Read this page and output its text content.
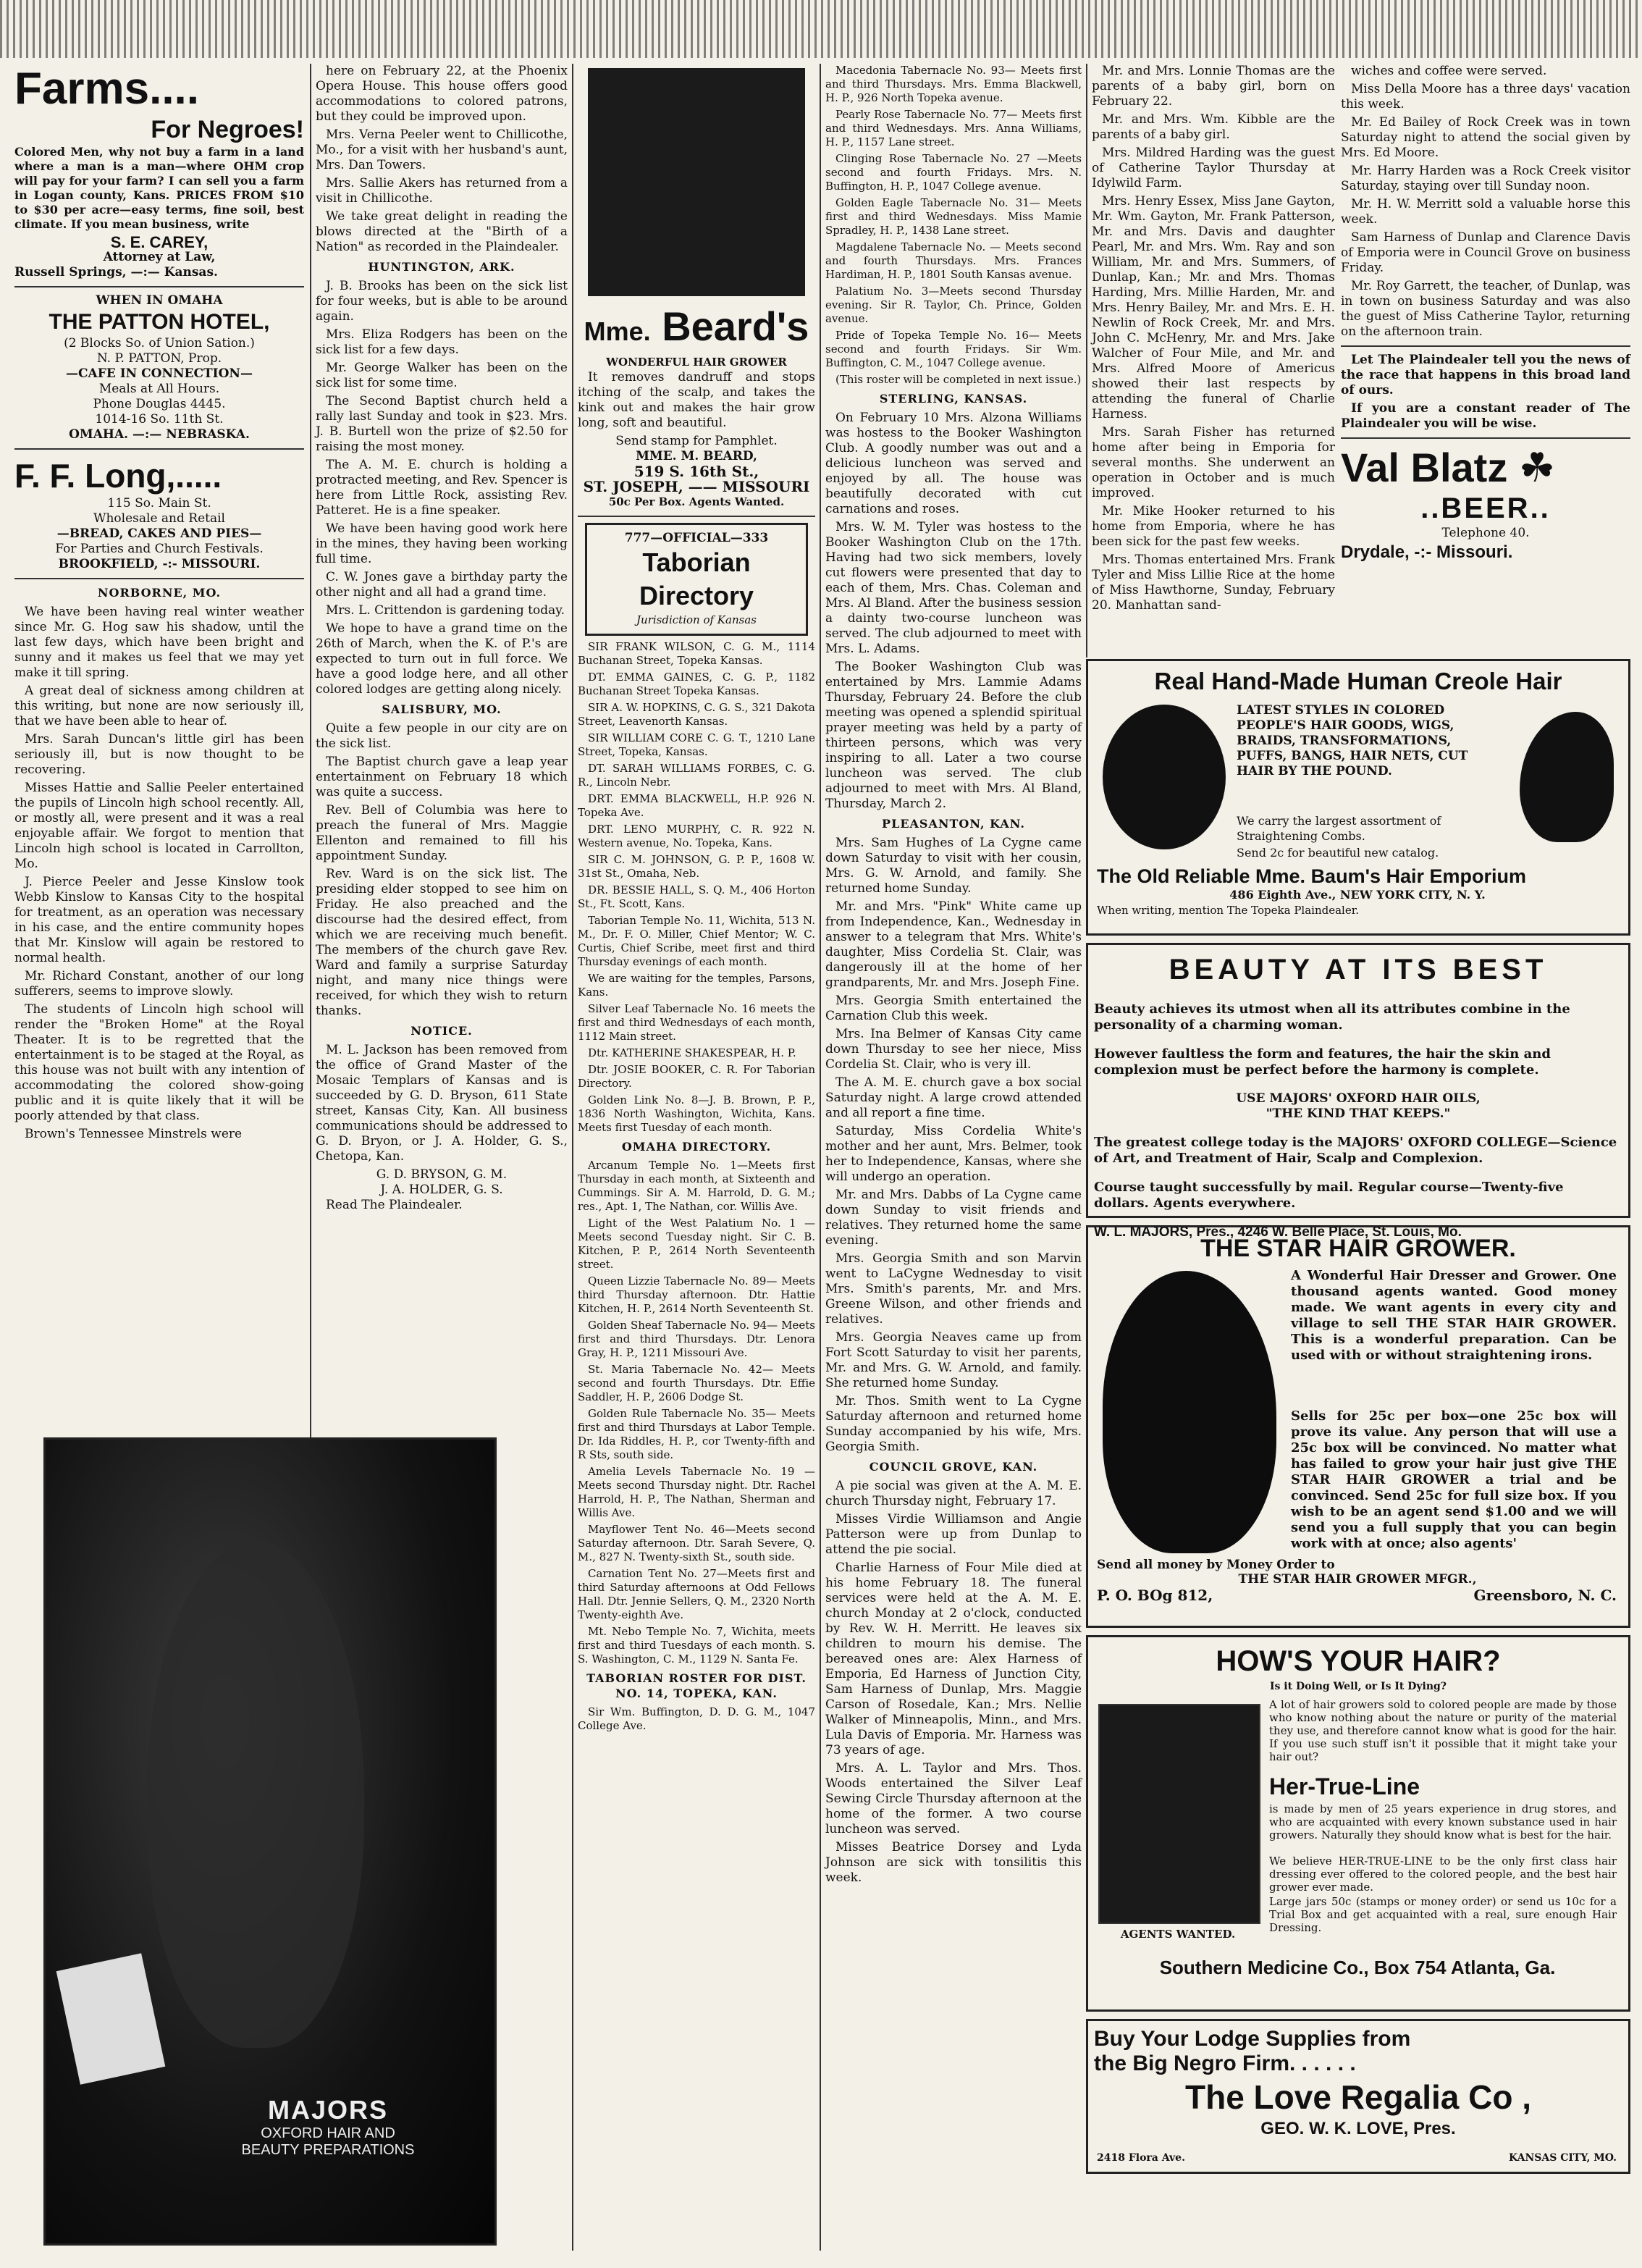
Farms....
For Negroes!

Colored Men, why not buy a farm in a land where a man is a man—where OHM crop will pay for your farm? I can sell you a farm in Logan county, Kans. PRICES FROM $10 to $30 per acre—easy terms, fine soil, best climate. If you mean business, write

S. E. CAREY,
Attorney at Law,
Russell Springs, —:— Kansas.
WHEN IN OMAHA
THE PATTON HOTEL,
(2 Blocks So. of Union Sation.)
N. P. PATTON, Prop.
—CAFE IN CONNECTION—
Meals at All Hours.
Phone Douglas 4445.
1014-16 So. 11th St.
OMAHA. —:— NEBRASKA.
F. F. Long,.....
115 So. Main St.
Wholesale and Retail
—BREAD, CAKES AND PIES—
For Parties and Church Festivals.
BROOKFIELD, -:- MISSOURI.
NORBORNE, MO.

We have been having real winter weather since Mr. G. Hog saw his shadow, until the last few days, which have been bright and sunny and it makes us feel that we may yet make it till spring.

A great deal of sickness among children at this writing, but none are now seriously ill, that we have been able to hear of.

Mrs. Sarah Duncan's little girl has been seriously ill, but is now thought to be recovering.

Misses Hattie and Sallie Peeler entertained the pupils of Lincoln high school recently. All, or mostly all, were present and it was a real enjoyable affair. We forgot to mention that Lincoln high school is located in Carrollton, Mo.

J. Pierce Peeler and Jesse Kinslow took Webb Kinslow to Kansas City to the hospital for treatment, as an operation was necessary in his case, and the entire community hopes that Mr. Kinslow will again be restored to normal health.

Mr. Richard Constant, another of our long sufferers, seems to improve slowly.

The students of Lincoln high school will render the "Broken Home" at the Royal Theater. It is to be regretted that the entertainment is to be staged at the Royal, as this house was not built with any intention of accommodating the colored show-going public and it is quite likely that it will be poorly attended by that class.

Brown's Tennessee Minstrels were

MAJORS
OXFORD HAIR AND
BEAUTY PREPARATIONS

here on February 22, at the Phoenix Opera House. This house offers good accommodations to colored patrons, but they could be improved upon.

Mrs. Verna Peeler went to Chillicothe, Mo., for a visit with her husband's aunt, Mrs. Dan Towers.

Mrs. Sallie Akers has returned from a visit in Chillicothe.

We take great delight in reading the blows directed at the "Birth of a Nation" as recorded in the Plaindealer.

HUNTINGTON, ARK.

J. B. Brooks has been on the sick list for four weeks, but is able to be around again.

Mrs. Eliza Rodgers has been on the sick list for a few days.

Mr. George Walker has been on the sick list for some time.

The Second Baptist church held a rally last Sunday and took in $23. Mrs. J. B. Burtell won the prize of $2.50 for raising the most money.

The A. M. E. church is holding a protracted meeting, and Rev. Spencer is here from Little Rock, assisting Rev. Patteret. He is a fine speaker.

We have been having good work here in the mines, they having been working full time.

C. W. Jones gave a birthday party the other night and all had a grand time.

Mrs. L. Crittendon is gardening today.

We hope to have a grand time on the 26th of March, when the K. of P.'s are expected to turn out in full force. We have a good lodge here, and all other colored lodges are getting along nicely.

SALISBURY, MO.

Quite a few people in our city are on the sick list.

The Baptist church gave a leap year entertainment on February 18 which was quite a success.

Rev. Bell of Columbia was here to preach the funeral of Mrs. Maggie Ellenton and remained to fill his appointment Sunday.

Rev. Ward is on the sick list. The presiding elder stopped to see him on Friday. He also preached and the discourse had the desired effect, from which we are receiving much benefit. The members of the church gave Rev. Ward and family a surprise Saturday night, and many nice things were received, for which they wish to return thanks.

NOTICE.

M. L. Jackson has been removed from the office of Grand Master of the Mosaic Templars of Kansas and is succeeded by G. D. Bryson, 611 State street, Kansas City, Kan. All business communications should be addressed to G. D. Bryon, or J. A. Holder, G. S., Chetopa, Kan.

G. D. BRYSON, G. M.
J. A. HOLDER, G. S.

Read The Plaindealer.

Mme. Beard's
WONDERFUL HAIR GROWER

It removes dandruff and stops itching of the scalp, and takes the kink out and makes the hair grow long, soft and beautiful.

Send stamp for Pamphlet.
MME. M. BEARD,
519 S. 16th St.,
ST. JOSEPH, —— MISSOURI
50c Per Box. Agents Wanted.
777—OFFICIAL—333
Taborian Directory
Jurisdiction of Kansas

SIR FRANK WILSON, C. G. M., 1114 Buchanan Street, Topeka Kansas.

DT. EMMA GAINES, C. G. P., 1182 Buchanan Street Topeka Kansas.

SIR A. W. HOPKINS, C. G. S., 321 Dakota Street, Leavenorth Kansas.

SIR WILLIAM CORE C. G. T., 1210 Lane Street, Topeka, Kansas.

DT. SARAH WILLIAMS FORBES, C. G. R., Lincoln Nebr.

DRT. EMMA BLACKWELL, H.P. 926 N. Topeka Ave.

DRT. LENO MURPHY, C. R. 922 N. Western avenue, No. Topeka, Kans.

SIR C. M. JOHNSON, G. P. P., 1608 W. 31st St., Omaha, Neb.

DR. BESSIE HALL, S. Q. M., 406 Horton St., Ft. Scott, Kans.

Taborian Temple No. 11, Wichita, 513 N. M., Dr. F. O. Miller, Chief Mentor; W. C. Curtis, Chief Scribe, meet first and third Thursday evenings of each month.

We are waiting for the temples, Parsons, Kans.

Silver Leaf Tabernacle No. 16 meets the first and third Wednesdays of each month, 1112 Main street.

Dtr. KATHERINE SHAKESPEAR, H. P.

Dtr. JOSIE BOOKER, C. R. For Taborian Directory.

Golden Link No. 8—J. B. Brown, P. P., 1836 North Washington, Wichita, Kans. Meets first Tuesday of each month.

OMAHA DIRECTORY.

Arcanum Temple No. 1—Meets first Thursday in each month, at Sixteenth and Cummings. Sir A. M. Harrold, D. G. M.; res., Apt. 1, The Nathan, cor. Willis Ave.

Light of the West Palatium No. 1 —Meets second Tuesday night. Sir C. B. Kitchen, P. P., 2614 North Seventeenth street.

Queen Lizzie Tabernacle No. 89— Meets third Thursday afternoon. Dtr. Hattie Kitchen, H. P., 2614 North Seventeenth St.

Golden Sheaf Tabernacle No. 94— Meets first and third Thursdays. Dtr. Lenora Gray, H. P., 1211 Missouri Ave.

St. Maria Tabernacle No. 42— Meets second and fourth Thursdays. Dtr. Effie Saddler, H. P., 2606 Dodge St.

Golden Rule Tabernacle No. 35— Meets first and third Thursdays at Labor Temple. Dr. Ida Riddles, H. P., cor Twenty-fifth and R Sts, south side.

Amelia Levels Tabernacle No. 19 —Meets second Thursday night. Dtr. Rachel Harrold, H. P., The Nathan, Sherman and Willis Ave.

Mayflower Tent No. 46—Meets second Saturday afternoon. Dtr. Sarah Severe, Q. M., 827 N. Twenty-sixth St., south side.

Carnation Tent No. 27—Meets first and third Saturday afternoons at Odd Fellows Hall. Dtr. Jennie Sellers, Q. M., 2320 North Twenty-eighth Ave.

Mt. Nebo Temple No. 7, Wichita, meets first and third Tuesdays of each month. S. S. Washington, C. M., 1129 N. Santa Fe.

TABORIAN ROSTER FOR DIST. NO. 14, TOPEKA, KAN.

Sir Wm. Buffington, D. D. G. M., 1047 College Ave.

Macedonia Tabernacle No. 93— Meets first and third Thursdays. Mrs. Emma Blackwell, H. P., 926 North Topeka avenue.

Pearly Rose Tabernacle No. 77— Meets first and third Wednesdays. Mrs. Anna Williams, H. P., 1157 Lane street.

Clinging Rose Tabernacle No. 27 —Meets second and fourth Fridays. Mrs. N. Buffington, H. P., 1047 College avenue.

Golden Eagle Tabernacle No. 31— Meets first and third Wednesdays. Miss Mamie Spradley, H. P., 1438 Lane street.

Magdalene Tabernacle No. — Meets second and fourth Thursdays. Mrs. Frances Hardiman, H. P., 1801 South Kansas avenue.

Palatium No. 3—Meets second Thursday evening. Sir R. Taylor, Ch. Prince, Golden avenue.

Pride of Topeka Temple No. 16— Meets second and fourth Fridays. Sir Wm. Buffington, C. M., 1047 College avenue.

(This roster will be completed in next issue.)

STERLING, KANSAS.

On February 10 Mrs. Alzona Williams was hostess to the Booker Washington Club. A goodly number was out and a delicious luncheon was served and enjoyed by all. The house was beautifully decorated with cut carnations and roses.

Mrs. W. M. Tyler was hostess to the Booker Washington Club on the 17th. Having had two sick members, lovely cut flowers were presented that day to each of them, Mrs. Chas. Coleman and Mrs. Al Bland. After the business session a dainty two-course luncheon was served. The club adjourned to meet with Mrs. L. Adams.

The Booker Washington Club was entertained by Mrs. Lammie Adams Thursday, February 24. Before the club meeting was opened a splendid spiritual prayer meeting was held by a party of thirteen persons, which was very inspiring to all. Later a two course luncheon was served. The club adjourned to meet with Mrs. Al Bland, Thursday, March 2.

PLEASANTON, KAN.

Mrs. Sam Hughes of La Cygne came down Saturday to visit with her cousin, Mrs. G. W. Arnold, and family. She returned home Sunday.

Mr. and Mrs. "Pink" White came up from Independence, Kan., Wednesday in answer to a telegram that Mrs. White's daughter, Miss Cordelia St. Clair, was dangerously ill at the home of her grandparents, Mr. and Mrs. Joseph Fine.

Mrs. Georgia Smith entertained the Carnation Club this week.

Mrs. Ina Belmer of Kansas City came down Thursday to see her niece, Miss Cordelia St. Clair, who is very ill.

The A. M. E. church gave a box social Saturday night. A large crowd attended and all report a fine time.

Saturday, Miss Cordelia White's mother and her aunt, Mrs. Belmer, took her to Independence, Kansas, where she will undergo an operation.

Mr. and Mrs. Dabbs of La Cygne came down Sunday to visit friends and relatives. They returned home the same evening.

Mrs. Georgia Smith and son Marvin went to LaCygne Wednesday to visit Mrs. Smith's parents, Mr. and Mrs. Greene Wilson, and other friends and relatives.

Mrs. Georgia Neaves came up from Fort Scott Saturday to visit her parents, Mr. and Mrs. G. W. Arnold, and family. She returned home Sunday.

Mr. Thos. Smith went to La Cygne Saturday afternoon and returned home Sunday accompanied by his wife, Mrs. Georgia Smith.

COUNCIL GROVE, KAN.

A pie social was given at the A. M. E. church Thursday night, February 17.

Misses Virdie Williamson and Angie Patterson were up from Dunlap to attend the pie social.

Charlie Harness of Four Mile died at his home February 18. The funeral services were held at the A. M. E. church Monday at 2 o'clock, conducted by Rev. W. H. Merritt. He leaves six children to mourn his demise. The bereaved ones are: Alex Harness of Emporia, Ed Harness of Junction City, Sam Harness of Dunlap, Mrs. Maggie Carson of Rosedale, Kan.; Mrs. Nellie Walker of Minneapolis, Minn., and Mrs. Lula Davis of Emporia. Mr. Harness was 73 years of age.

Mrs. A. L. Taylor and Mrs. Thos. Woods entertained the Silver Leaf Sewing Circle Thursday afternoon at the home of the former. A two course luncheon was served.

Misses Beatrice Dorsey and Lyda Johnson are sick with tonsilitis this week.

Mr. and Mrs. Lonnie Thomas are the parents of a baby girl, born on February 22.

Mr. and Mrs. Wm. Kibble are the parents of a baby girl.

Mrs. Mildred Harding was the guest of Catherine Taylor Thursday at Idylwild Farm.

Mrs. Henry Essex, Miss Jane Gayton, Mr. Wm. Gayton, Mr. Frank Patterson, Mr. and Mrs. Davis and daughter Pearl, Mr. and Mrs. Wm. Ray and son William, Mr. and Mrs. Summers, of Dunlap, Kan.; Mr. and Mrs. Thomas Harding, Mrs. Millie Harden, Mr. and Mrs. Henry Bailey, Mr. and Mrs. E. H. Newlin of Rock Creek, Mr. and Mrs. John C. McHenry, Mr. and Mrs. Jake Walcher of Four Mile, and Mr. and Mrs. Alfred Moore of Americus showed their last respects by attending the funeral of Charlie Harness.

Mrs. Sarah Fisher has returned home after being in Emporia for several months. She underwent an operation in October and is much improved.

Mr. Mike Hooker returned to his home from Emporia, where he has been sick for the past few weeks.

Mrs. Thomas entertained Mrs. Frank Tyler and Miss Lillie Rice at the home of Miss Hawthorne, Sunday, February 20. Manhattan sand-

wiches and coffee were served.

Miss Della Moore has a three days' vacation this week.

Mr. Ed Bailey of Rock Creek was in town Saturday night to attend the social given by Mrs. Ed Moore.

Mr. Harry Harden was a Rock Creek visitor Saturday, staying over till Sunday noon.

Mr. H. W. Merritt sold a valuable horse this week.

Sam Harness of Dunlap and Clarence Davis of Emporia were in Council Grove on business Friday.

Mr. Roy Garrett, the teacher, of Dunlap, was in town on business Saturday and was also the guest of Miss Catherine Taylor, returning on the afternoon train.

Let The Plaindealer tell you the news of the race that happens in this broad land of ours.

If you are a constant reader of The Plaindealer you will be wise.

Val Blatz ☘
..BEER..
Telephone 40.
Drydale, -:- Missouri.
Real Hand-Made Human Creole Hair
LATEST STYLES IN COLORED PEOPLE'S HAIR GOODS, WIGS, BRAIDS, TRANSFORMATIONS, PUFFS, BANGS, HAIR NETS, CUT HAIR BY THE POUND.
We carry the largest assortment of Straightening Combs.
Send 2c for beautiful new catalog.
The Old Reliable Mme. Baum's Hair Emporium
486 Eighth Ave., NEW YORK CITY, N. Y.
When writing, mention The Topeka Plaindealer.
BEAUTY AT ITS BEST

Beauty achieves its utmost when all its attributes combine in the personality of a charming woman.

However faultless the form and features, the hair the skin and complexion must be perfect before the harmony is complete.

USE MAJORS' OXFORD HAIR OILS,
"THE KIND THAT KEEPS."

The greatest college today is the MAJORS' OXFORD COLLEGE—Science of Art, and Treatment of Hair, Scalp and Complexion.

Course taught successfully by mail. Regular course—Twenty-five dollars. Agents everywhere.

W. L. MAJORS, Pres., 4246 W. Belle Place, St. Louis, Mo.
THE STAR HAIR GROWER.
A Wonderful Hair Dresser and Grower. One thousand agents wanted. Good money made. We want agents in every city and village to sell THE STAR HAIR GROWER. This is a wonderful preparation. Can be used with or without straightening irons.
Sells for 25c per box—one 25c box will prove its value. Any person that will use a 25c box will be convinced. No matter what has failed to grow your hair just give THE STAR HAIR GROWER a trial and be convinced. Send 25c for full size box. If you wish to be an agent send $1.00 and we will send you a full supply that you can begin work with at once; also agents'
Send all money by Money Order to
THE STAR HAIR GROWER MFGR.,
P. O. BOg 812,	Greensboro, N. C.
HOW'S YOUR HAIR?
Is it Doing Well, or Is It Dying?
A lot of hair growers sold to colored people are made by those who know nothing about the nature or purity of the material they use, and therefore cannot know what is good for the hair. If you use such stuff isn't it possible that it might take your hair out?
Her-True-Line
is made by men of 25 years experience in drug stores, and who are acquainted with every known substance used in hair growers. Naturally they should know what is best for the hair.
We believe HER-TRUE-LINE to be the only first class hair dressing ever offered to the colored people, and the best hair grower ever made.
Large jars 50c (stamps or money order) or send us 10c for a Trial Box and get acquainted with a real, sure enough Hair Dressing.
AGENTS WANTED.
Southern Medicine Co., Box 754 Atlanta, Ga.
Buy Your Lodge Supplies from
the Big Negro Firm. . . . . .
The Love Regalia Co ,
GEO. W. K. LOVE, Pres.
2418 Flora Ave.	KANSAS CITY, MO.
